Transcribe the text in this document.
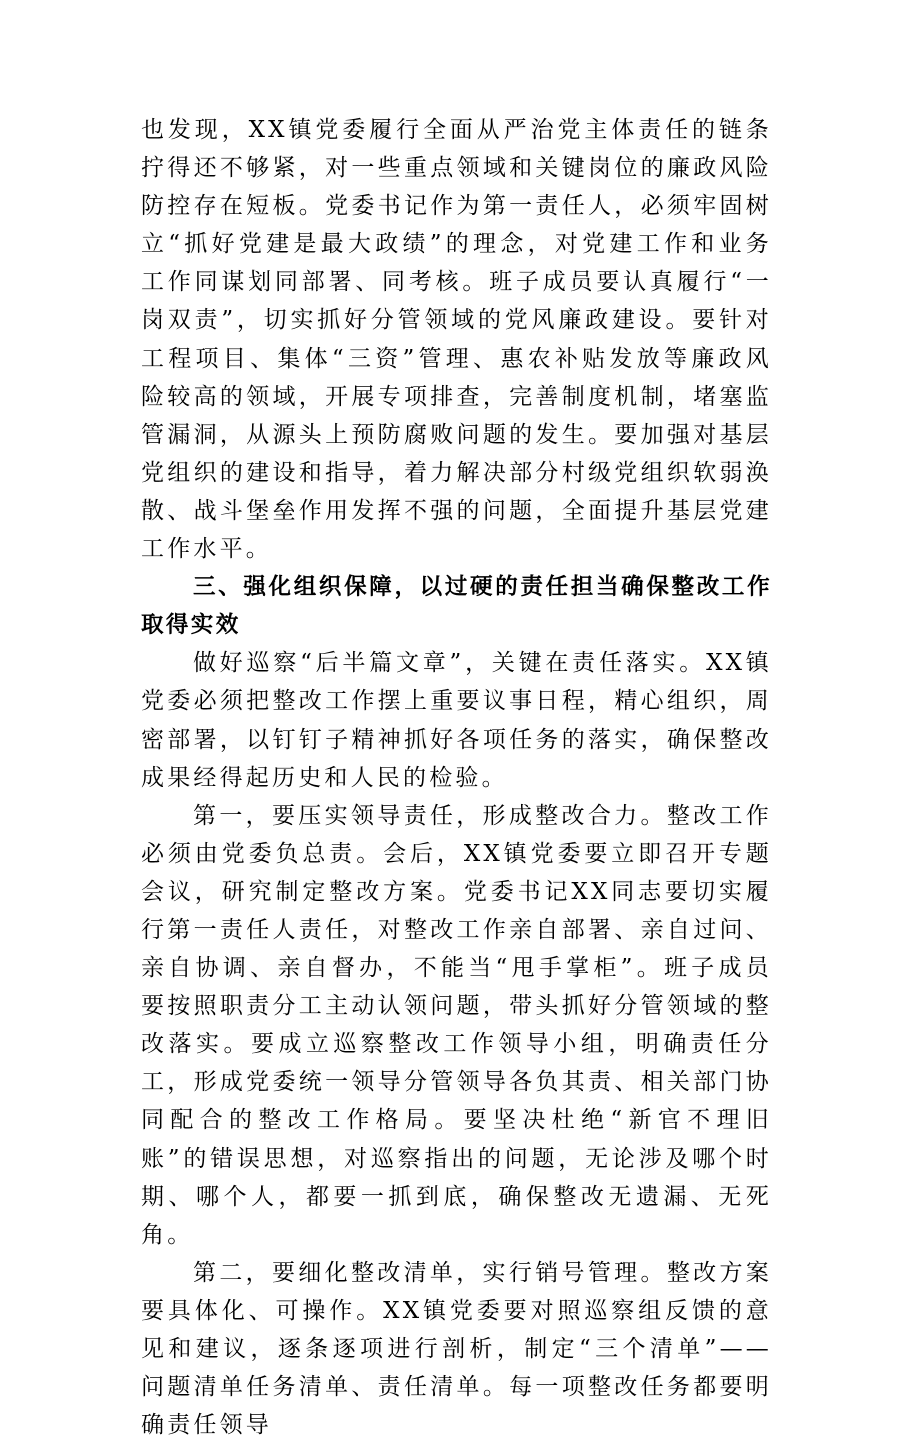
也发现，XX镇党委履行全面从严治党主体责任的链条拧得还不够紧，对一些重点领域和关键岗位的廉政风险防控存在短板。党委书记作为第一责任人，必须牢固树立“抓好党建是最大政绩”的理念，对党建工作和业务工作同谋划同部署、同考核。班子成员要认真履行“一岗双责”，切实抓好分管领域的党风廉政建设。要针对工程项目、集体“三资”管理、惠农补贴发放等廉政风险较高的领域，开展专项排查，完善制度机制，堵塞监管漏洞，从源头上预防腐败问题的发生。要加强对基层党组织的建设和指导，着力解决部分村级党组织软弱涣散、战斗堡垒作用发挥不强的问题，全面提升基层党建工作水平。

三、强化组织保障，以过硬的责任担当确保整改工作取得实效

做好巡察“后半篇文章”，关键在责任落实。XX镇党委必须把整改工作摆上重要议事日程，精心组织，周密部署，以钉钉子精神抓好各项任务的落实，确保整改成果经得起历史和人民的检验。

第一，要压实领导责任，形成整改合力。整改工作必须由党委负总责。会后，XX镇党委要立即召开专题会议，研究制定整改方案。党委书记XX同志要切实履行第一责任人责任，对整改工作亲自部署、亲自过问、亲自协调、亲自督办，不能当“甩手掌柜”。班子成员要按照职责分工主动认领问题，带头抓好分管领域的整改落实。要成立巡察整改工作领导小组，明确责任分工，形成党委统一领导分管领导各负其责、相关部门协同配合的整改工作格局。要坚决杜绝“新官不理旧账”的错误思想，对巡察指出的问题，无论涉及哪个时期、哪个人，都要一抓到底，确保整改无遗漏、无死角。

第二，要细化整改清单，实行销号管理。整改方案要具体化、可操作。XX镇党委要对照巡察组反馈的意见和建议，逐条逐项进行剖析，制定“三个清单”——问题清单任务清单、责任清单。每一项整改任务都要明确责任领导
